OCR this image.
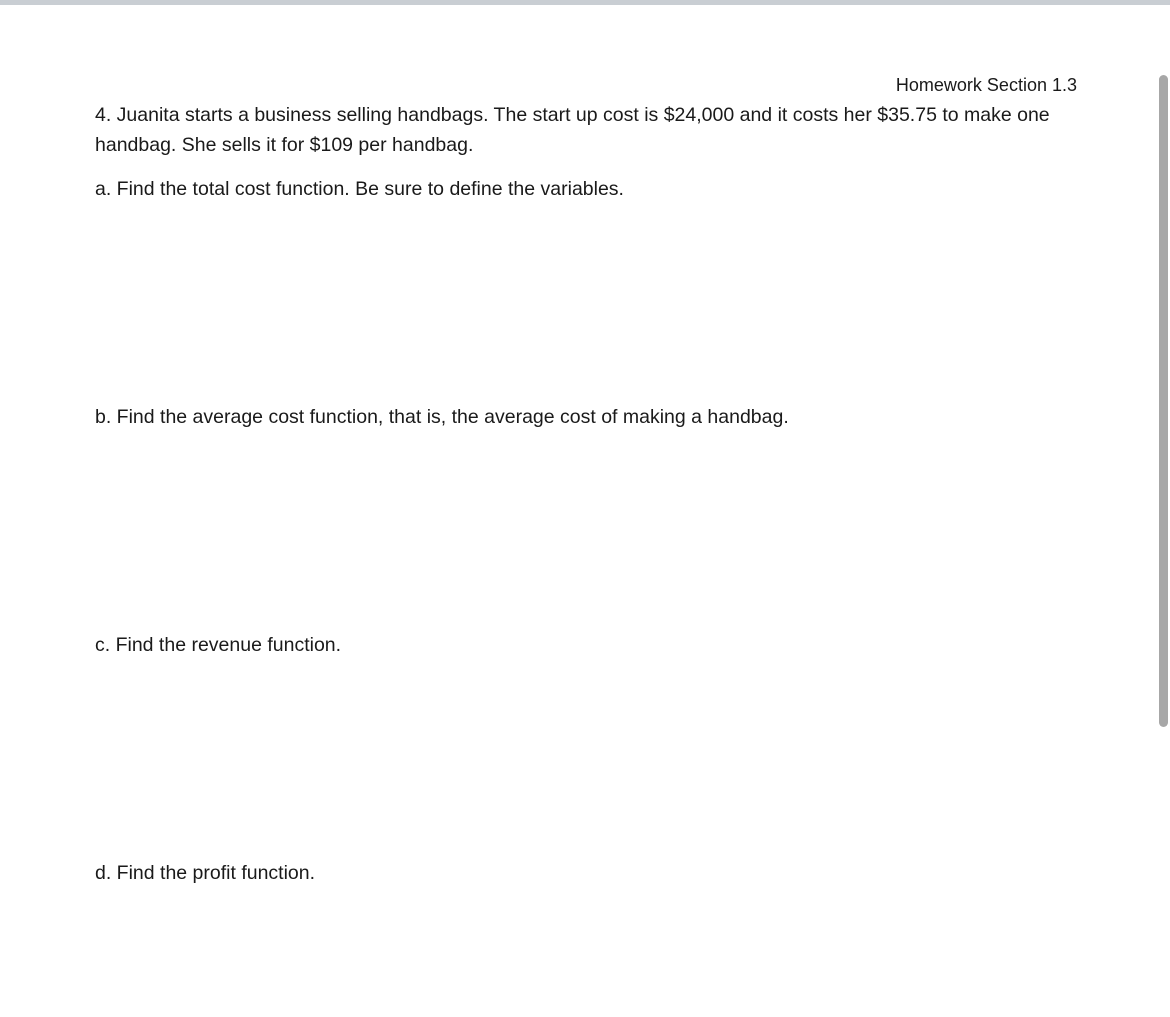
Homework Section 1.3
4. Juanita starts a business selling handbags. The start up cost is $24,000 and it costs her $35.75 to make one handbag. She sells it for $109 per handbag.
a. Find the total cost function. Be sure to define the variables.
b. Find the average cost function, that is, the average cost of making a handbag.
c. Find the revenue function.
d. Find the profit function.
